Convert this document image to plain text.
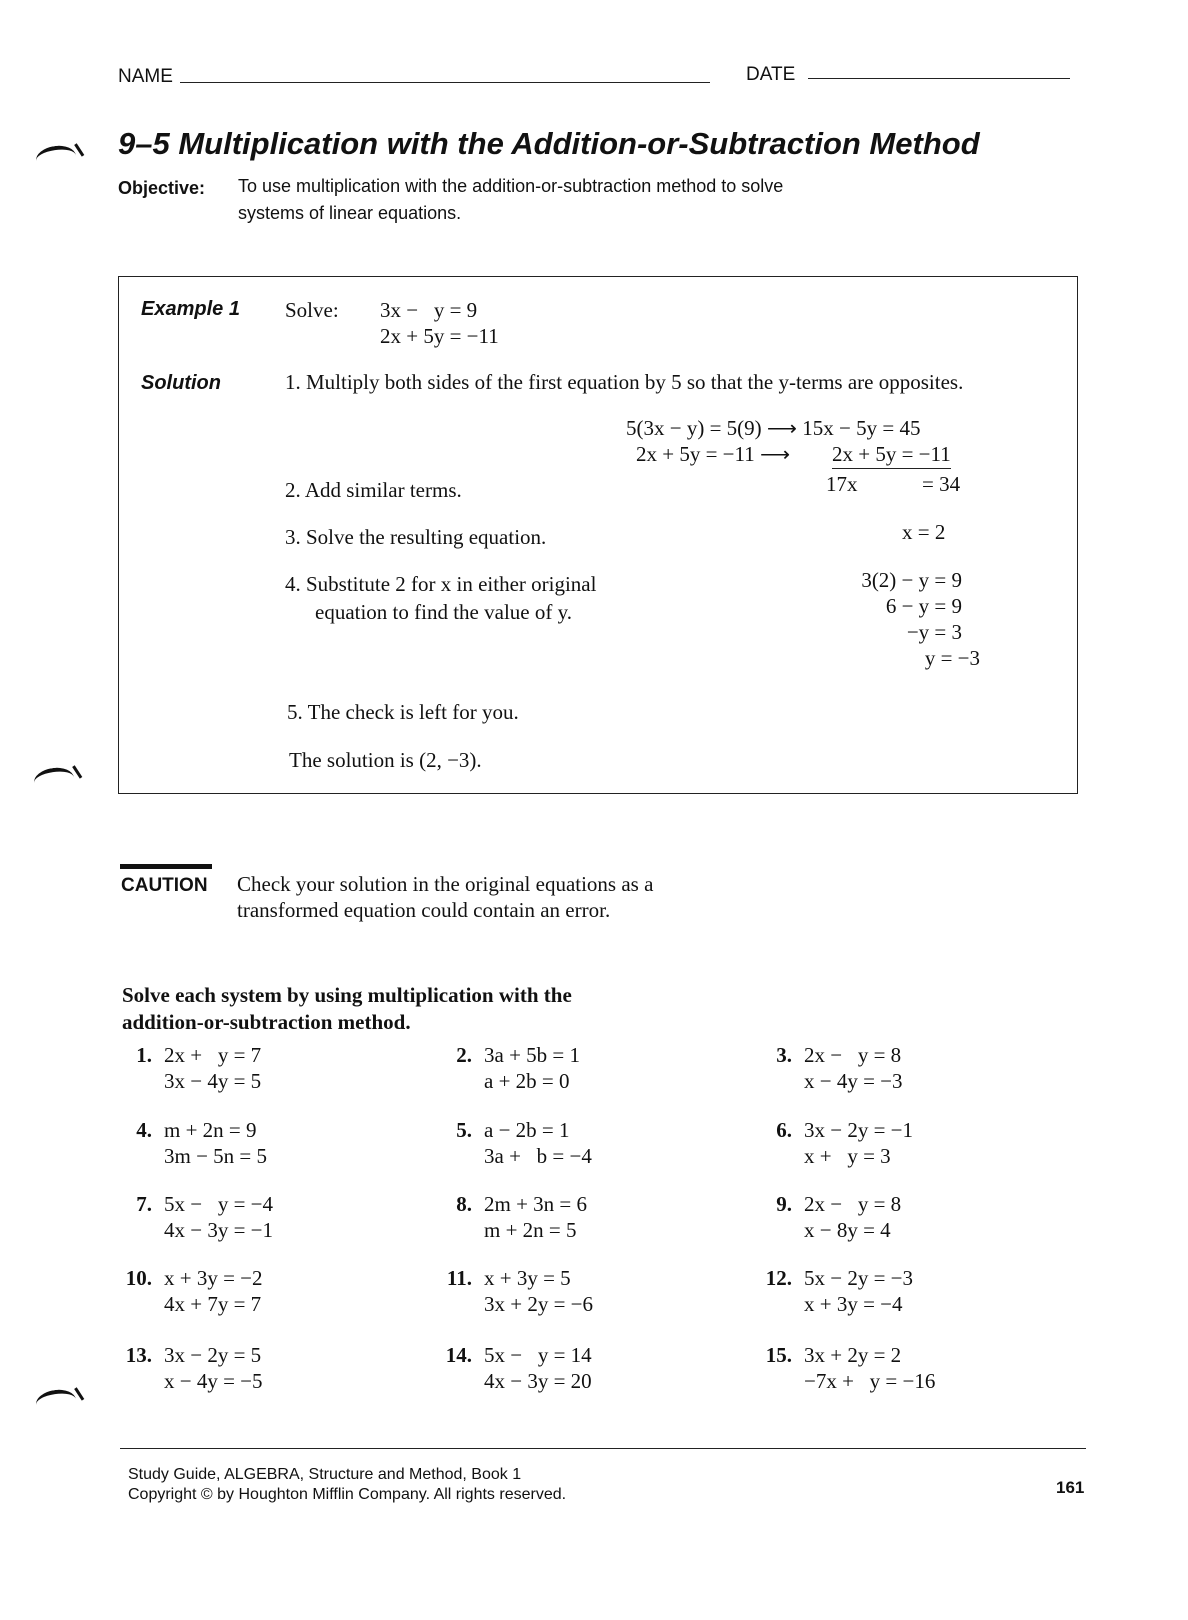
NAME	DATE
9–5 Multiplication with the Addition-or-Subtraction Method
Objective: To use multiplication with the addition-or-subtraction method to solve
systems of linear equations.
Example 1 Solve: 3x −   y = 9
2x + 5y = −11
Solution	1. Multiply both sides of the first equation by 5 so that the y-terms are opposites.
5(3x − y) = 5(9) ⟶ 15x − 5y = 45
2x + 5y = −11 ⟶ 2x + 5y = −11
2. Add similar terms.	17x	= 34
3. Solve the resulting equation.	x = 2
4. Substitute 2 for x in either original
equation to find the value of y.
3(2) − y = 9
6 − y = 9
−y = 3
y = −3
5. The check is left for you.
The solution is (2, −3).
CAUTION Check your solution in the original equations as a
transformed equation could contain an error.
Solve each system by using multiplication with the
addition-or-subtraction method.
1. 2x +   y = 7
3x − 4y = 5
2. 3a + 5b = 1
a + 2b = 0
3. 2x −   y = 8
x − 4y = −3
4. m + 2n = 9
3m − 5n = 5
5. a − 2b = 1
3a +   b = −4
6. 3x − 2y = −1
x +   y = 3
7. 5x −   y = −4
4x − 3y = −1
8. 2m + 3n = 6
m + 2n = 5
9. 2x −   y = 8
x − 8y = 4
10. x + 3y = −2
4x + 7y = 7
11. x + 3y = 5
3x + 2y = −6
12. 5x − 2y = −3
x + 3y = −4
13. 3x − 2y = 5
x − 4y = −5
14. 5x −   y = 14
4x − 3y = 20
15. 3x + 2y = 2
−7x +   y = −16
Study Guide, ALGEBRA, Structure and Method, Book 1
Copyright © by Houghton Mifflin Company. All rights reserved.	161
